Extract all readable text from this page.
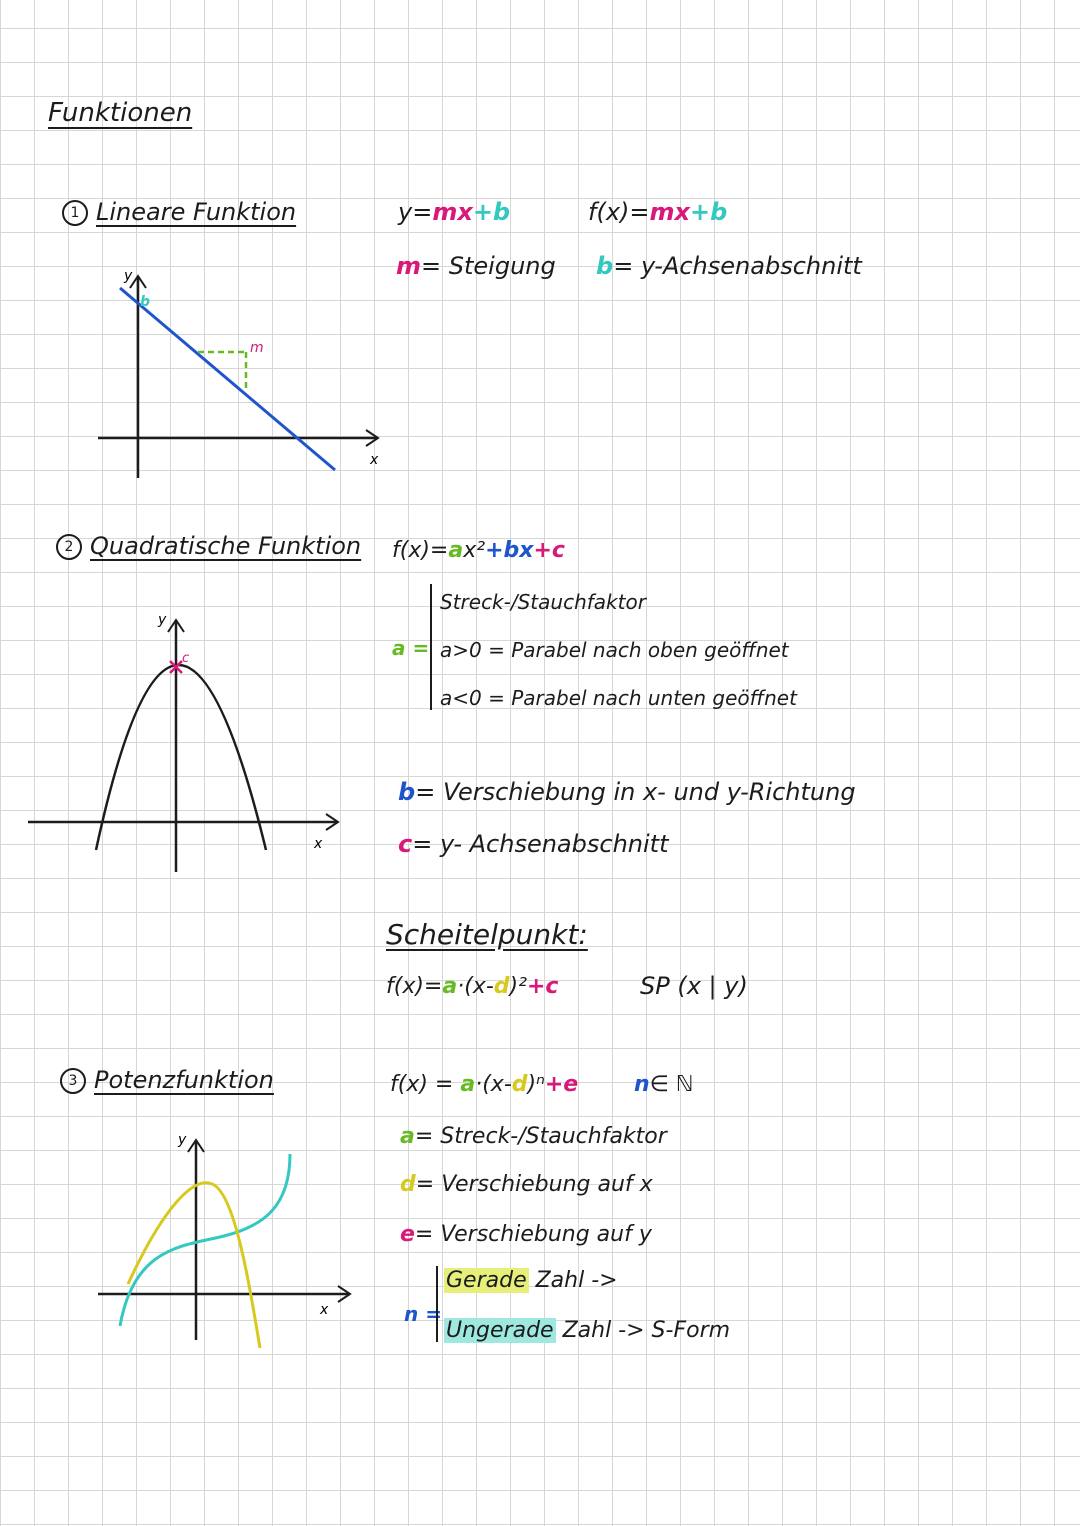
Funktionen
1 Lineare Funktion	y=mx+b	f(x)=mx+b
m= Steigung b= y-Achsenabschnitt
x
y
m
b
2 Quadratische Funktion f(x)=ax²+bx+c
a =
Streck-/Stauchfaktor
a>0 = Parabel nach oben geöffnet
a<0 = Parabel nach unten geöffnet
b= Verschiebung in x- und y-Richtung
c= y- Achsenabschnitt
Scheitelpunkt:
f(x)=a·(x-d)²+c	SP (x | y)
x
y
c
3 Potenzfunktion	f(x) = a·(x-d)ⁿ+e	n∈ ℕ
a= Streck-/Stauchfaktor
d= Verschiebung auf x
e= Verschiebung auf y
n =
Gerade Zahl ->
Ungerade Zahl -> S-Form
x
y
